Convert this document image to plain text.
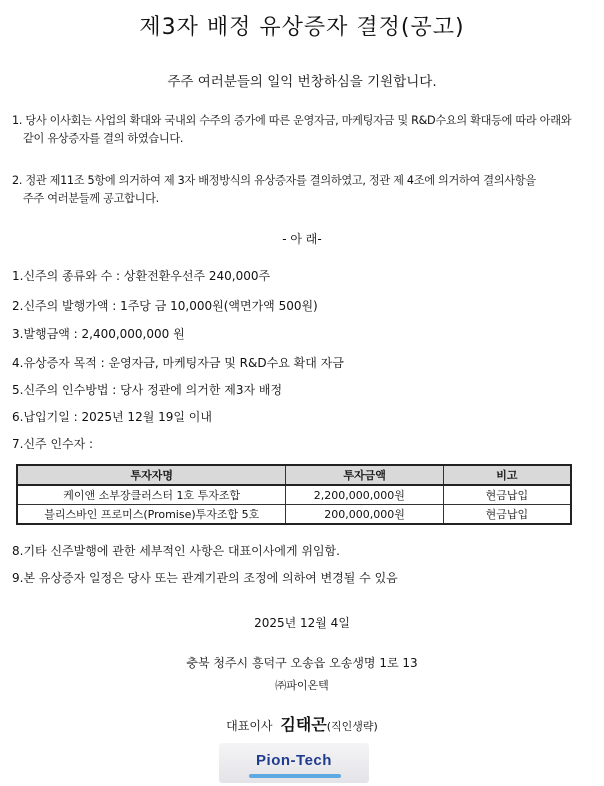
제3자 배정 유상증자 결정(공고)
주주 여러분들의 일익 번창하심을 기원합니다.
1. 당사 이사회는 사업의 확대와 국내외 수주의 증가에 따른 운영자금, 마케팅자금 및 R&D수요의 확대등에 따라 아래와
같이 유상증자를 결의 하였습니다.
2. 정관 제11조 5항에 의거하여 제 3자 배정방식의 유상증자를 결의하였고, 정관 제 4조에 의거하여 결의사항을
주주 여러분들께 공고합니다.
- 아 래-
1.신주의 종류와 수 : 상환전환우선주 240,000주
2.신주의 발행가액 : 1주당 금 10,000원(액면가액 500원)
3.발행금액 : 2,400,000,000 원
4.유상증자 목적 : 운영자금, 마케팅자금 및 R&D수요 확대 자금
5.신주의 인수방법 : 당사 정관에 의거한 제3자 배정
6.납입기일 : 2025년 12월 19일 이내
7.신주 인수자 :
투자자명	투자금액	비고
케이앤 소부장클러스터 1호 투자조합	2,200,000,000원	현금납입
블리스바인 프로미스(Promise)투자조합 5호	200,000,000원	현금납입
8.기타 신주발행에 관한 세부적인 사항은 대표이사에게 위임함.
9.본 유상증자 일정은 당사 또는 관계기관의 조정에 의하여 변경될 수 있음
2025년 12월 4일
충북 청주시 흥덕구 오송읍 오송생명 1로 13
㈜파이온텍
대표이사 김태곤(직인생략)
Pion-Tech
